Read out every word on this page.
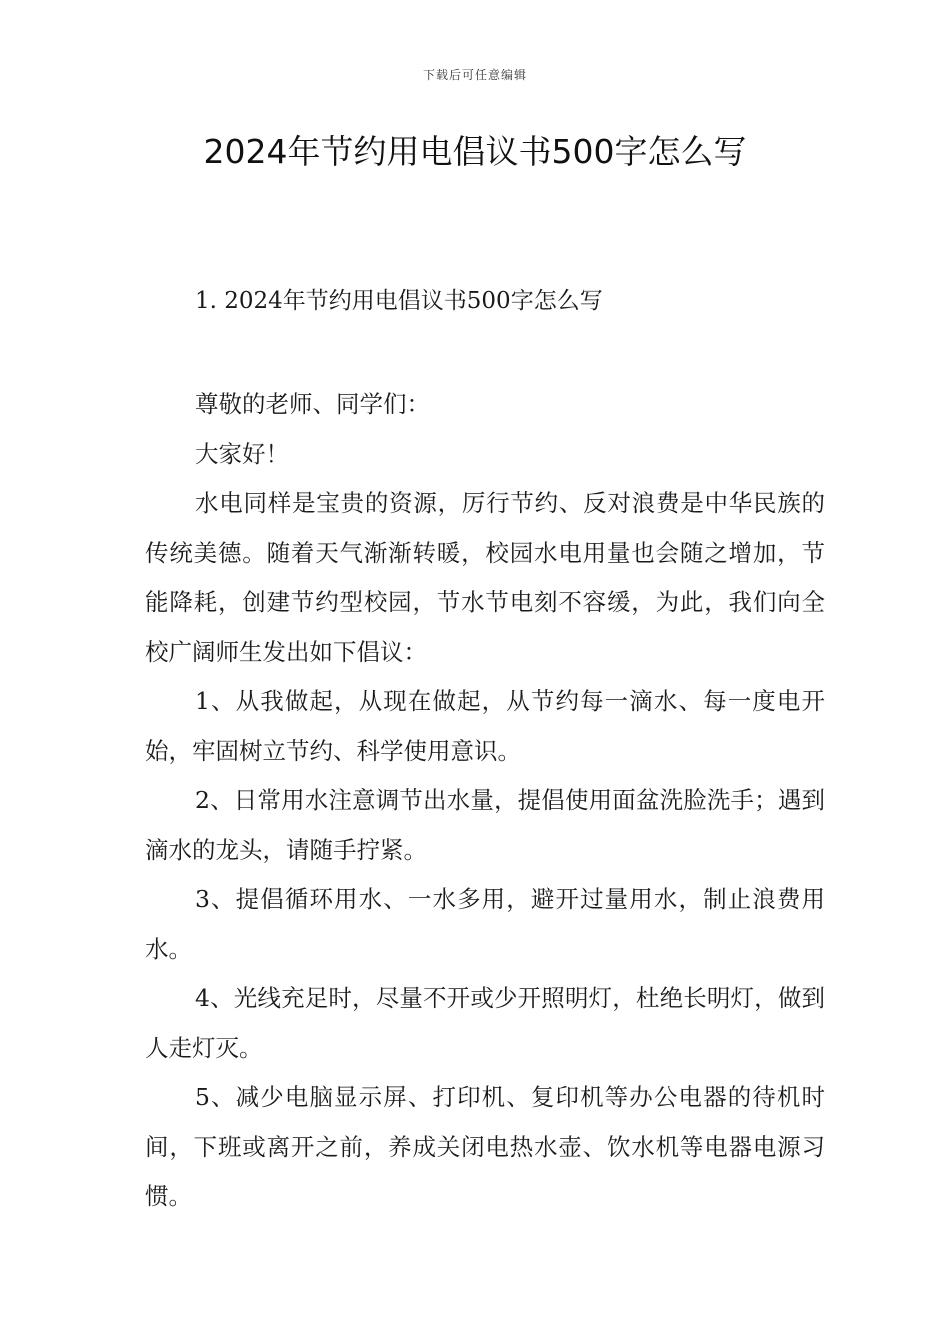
下载后可任意编辑
2024年节约用电倡议书500字怎么写
1. 2024年节约用电倡议书500字怎么写

尊敬的老师、同学们：

大家好！

水电同样是宝贵的资源，厉行节约、反对浪费是中华民族的传统美德。随着天气渐渐转暖，校园水电用量也会随之增加，节能降耗，创建节约型校园，节水节电刻不容缓，为此，我们向全校广阔师生发出如下倡议：

1、从我做起，从现在做起，从节约每一滴水、每一度电开始，牢固树立节约、科学使用意识。

2、日常用水注意调节出水量，提倡使用面盆洗脸洗手；遇到滴水的龙头，请随手拧紧。

3、提倡循环用水、一水多用，避开过量用水，制止浪费用水。

4、光线充足时，尽量不开或少开照明灯，杜绝长明灯，做到人走灯灭。

5、减少电脑显示屏、打印机、复印机等办公电器的待机时间，下班或离开之前，养成关闭电热水壶、饮水机等电器电源习惯。
